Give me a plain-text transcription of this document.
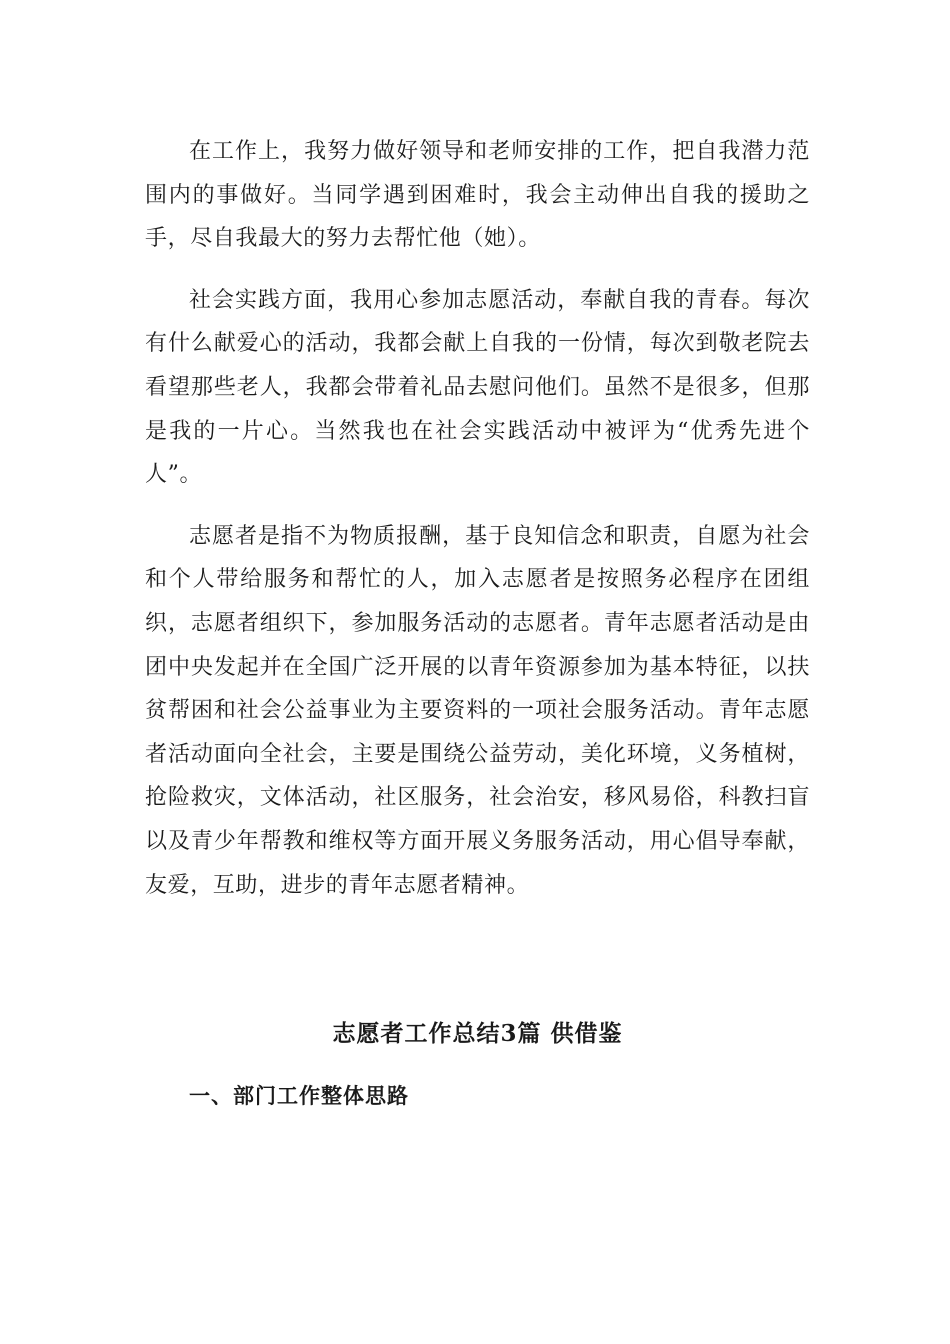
在工作上，我努力做好领导和老师安排的工作，把自我潜力范围内的事做好。当同学遇到困难时，我会主动伸出自我的援助之手，尽自我最大的努力去帮忙他（她）。

社会实践方面，我用心参加志愿活动，奉献自我的青春。每次有什么献爱心的活动，我都会献上自我的一份情，每次到敬老院去看望那些老人，我都会带着礼品去慰问他们。虽然不是很多，但那是我的一片心。当然我也在社会实践活动中被评为“优秀先进个人”。

志愿者是指不为物质报酬，基于良知信念和职责，自愿为社会和个人带给服务和帮忙的人，加入志愿者是按照务必程序在团组织，志愿者组织下，参加服务活动的志愿者。青年志愿者活动是由团中央发起并在全国广泛开展的以青年资源参加为基本特征，以扶贫帮困和社会公益事业为主要资料的一项社会服务活动。青年志愿者活动面向全社会，主要是围绕公益劳动，美化环境，义务植树，抢险救灾，文体活动，社区服务，社会治安，移风易俗，科教扫盲以及青少年帮教和维权等方面开展义务服务活动，用心倡导奉献，友爱，互助，进步的青年志愿者精神。

志愿者工作总结3篇 供借鉴
一、部门工作整体思路
